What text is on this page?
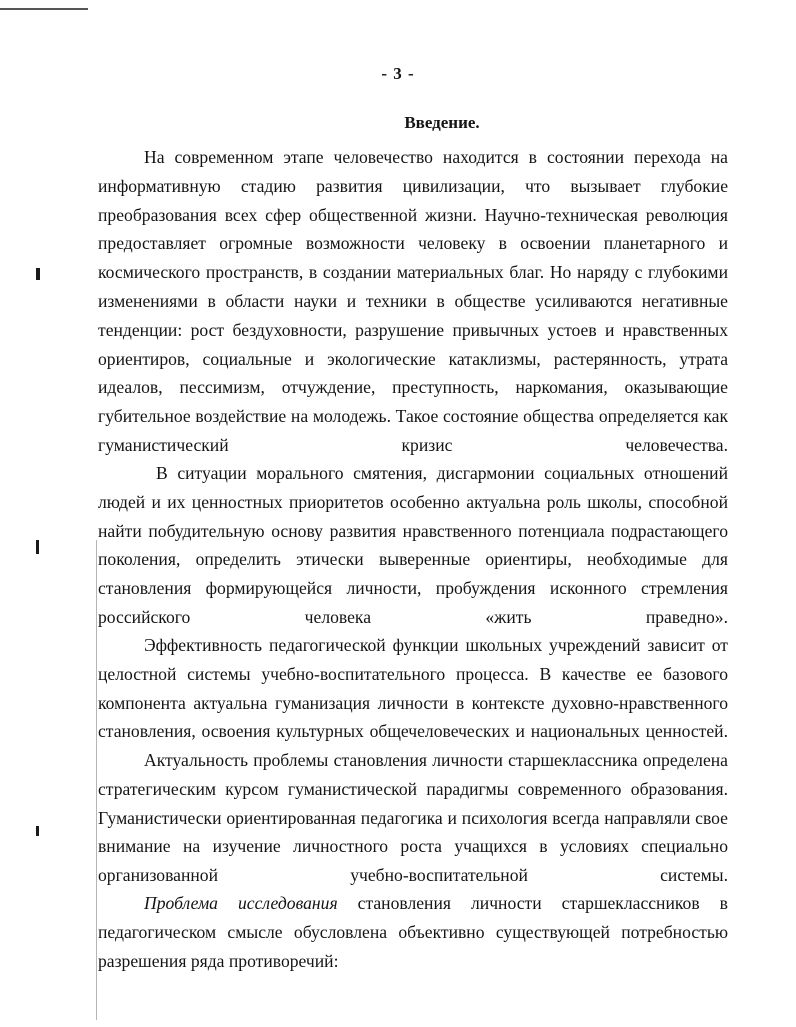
- 3 -
Введение.
На современном этапе человечество находится в состоянии перехода на информативную стадию развития цивилизации, что вызывает глубокие преобразования всех сфер общественной жизни. Научно-техническая революция предоставляет огромные возможности человеку в освоении планетарного и космического пространств, в создании материальных благ. Но наряду с глубокими изменениями в области науки и техники в обществе усиливаются негативные тенденции: рост бездуховности, разрушение привычных устоев и нравственных ориентиров, социальные и экологические катаклизмы, растерянность, утрата идеалов, пессимизм, отчуждение, преступность, наркомания, оказывающие губительное воздействие на молодежь. Такое состояние общества определяется как гуманистический кризис человечества.
В ситуации морального смятения, дисгармонии социальных отношений людей и их ценностных приоритетов особенно актуальна роль школы, способной найти побудительную основу развития нравственного потенциала подрастающего поколения, определить этически выверенные ориентиры, необходимые для становления формирующейся личности, пробуждения исконного стремления российского человека «жить праведно».
Эффективность педагогической функции школьных учреждений зависит от целостной системы учебно-воспитательного процесса. В качестве ее базового компонента актуальна гуманизация личности в контексте духовно-нравственного становления, освоения культурных общечеловеческих и национальных ценностей.
Актуальность проблемы становления личности старшеклассника определена стратегическим курсом гуманистической парадигмы современного образования. Гуманистически ориентированная педагогика и психология всегда направляли свое внимание на изучение личностного роста учащихся в условиях специально организованной учебно-воспитательной системы.
Проблема исследования становления личности старшеклассников в педагогическом смысле обусловлена объективно существующей потребностью разрешения ряда противоречий:
